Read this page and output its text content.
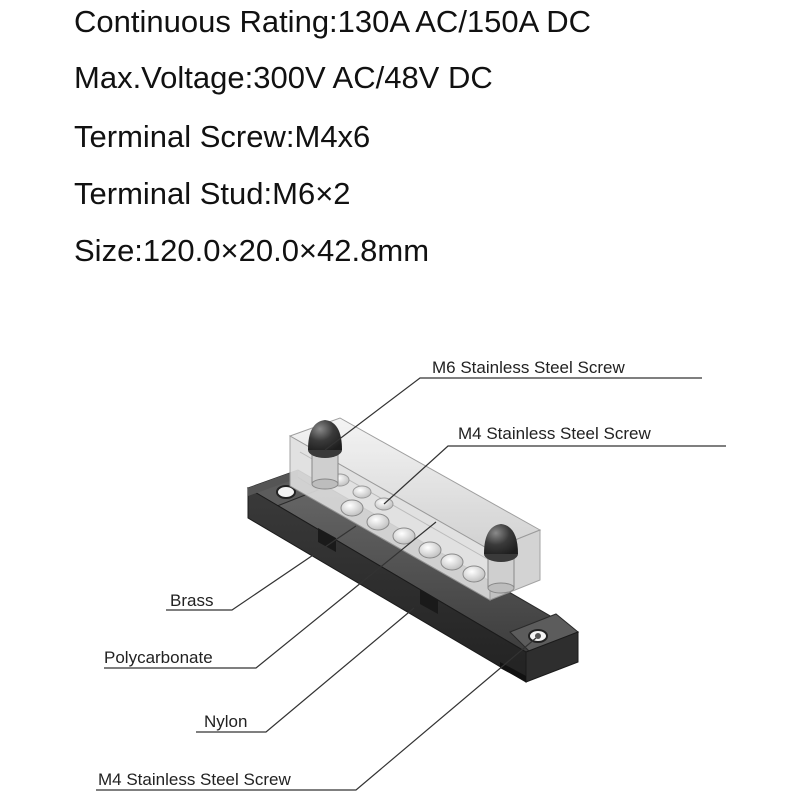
Continuous Rating:130A AC/150A DC
Max.Voltage:300V AC/48V DC
Terminal Screw:M4x6
Terminal Stud:M6×2
Size:120.0×20.0×42.8mm
M6 Stainless Steel Screw
M4 Stainless Steel Screw
Brass
Polycarbonate
Nylon
M4 Stainless Steel Screw
